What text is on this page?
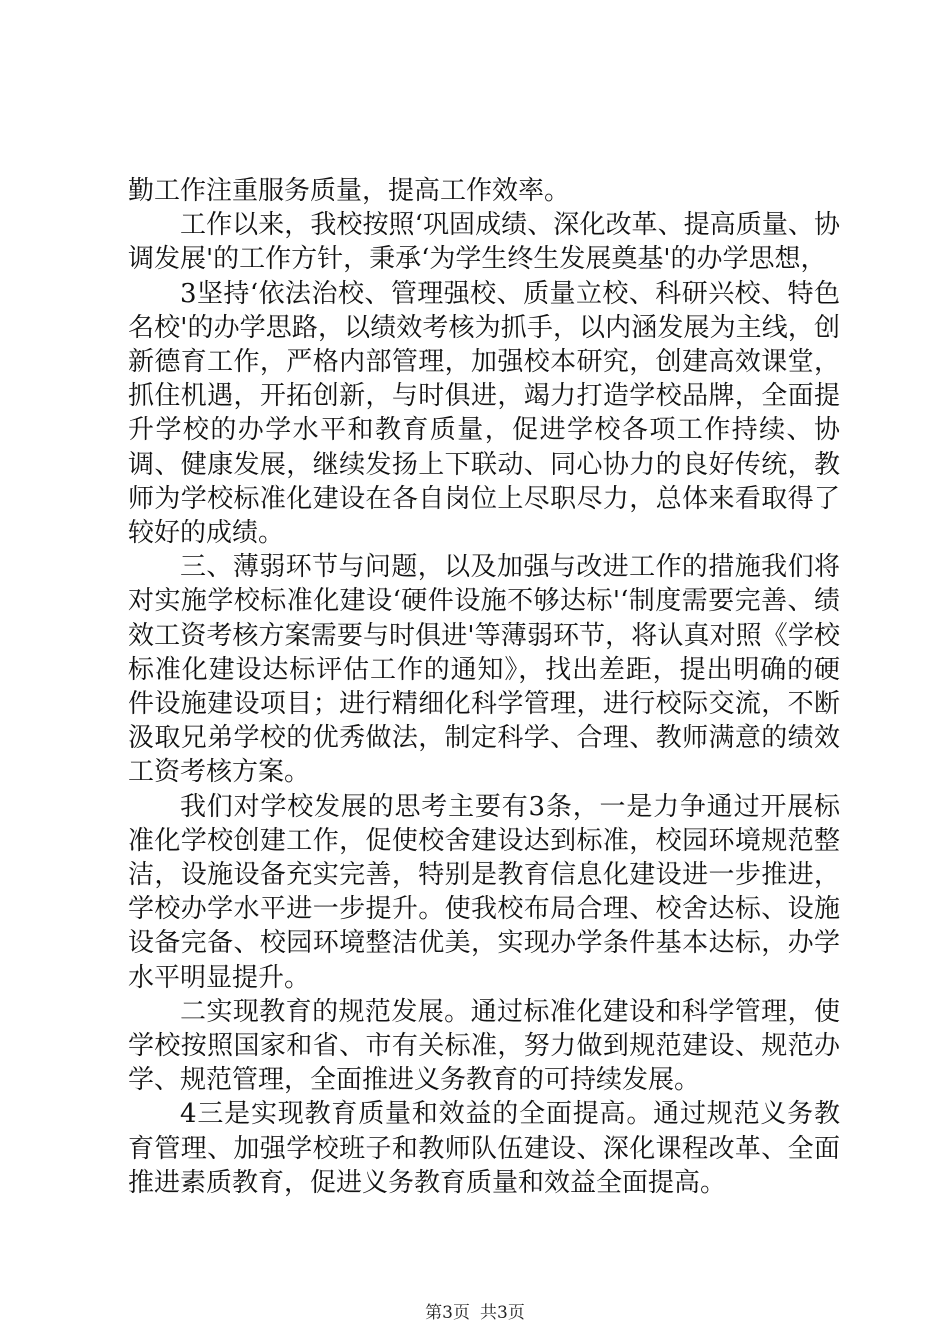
勤工作注重服务质量，提高工作效率。

工作以来，我校按照‘巩固成绩、深化改革、提高质量、协调发展'的工作方针，秉承‘为学生终生发展奠基'的办学思想，

3坚持‘依法治校、管理强校、质量立校、科研兴校、特色名校'的办学思路，以绩效考核为抓手，以内涵发展为主线，创新德育工作，严格内部管理，加强校本研究，创建高效课堂，抓住机遇，开拓创新，与时俱进，竭力打造学校品牌，全面提升学校的办学水平和教育质量，促进学校各项工作持续、协调、健康发展，继续发扬上下联动、同心协力的良好传统，教师为学校标准化建设在各自岗位上尽职尽力，总体来看取得了较好的成绩。

三、薄弱环节与问题，以及加强与改进工作的措施我们将对实施学校标准化建设‘硬件设施不够达标'‘制度需要完善、绩效工资考核方案需要与时俱进'等薄弱环节，将认真对照《学校标准化建设达标评估工作的通知》，找出差距，提出明确的硬件设施建设项目；进行精细化科学管理，进行校际交流，不断汲取兄弟学校的优秀做法，制定科学、合理、教师满意的绩效工资考核方案。

我们对学校发展的思考主要有3条，一是力争通过开展标准化学校创建工作，促使校舍建设达到标准，校园环境规范整洁，设施设备充实完善，特别是教育信息化建设进一步推进，学校办学水平进一步提升。使我校布局合理、校舍达标、设施设备完备、校园环境整洁优美，实现办学条件基本达标，办学水平明显提升。

二实现教育的规范发展。通过标准化建设和科学管理，使学校按照国家和省、市有关标准，努力做到规范建设、规范办学、规范管理，全面推进义务教育的可持续发展。

4三是实现教育质量和效益的全面提高。通过规范义务教育管理、加强学校班子和教师队伍建设、深化课程改革、全面推进素质教育，促进义务教育质量和效益全面提高。

第3页 共3页
